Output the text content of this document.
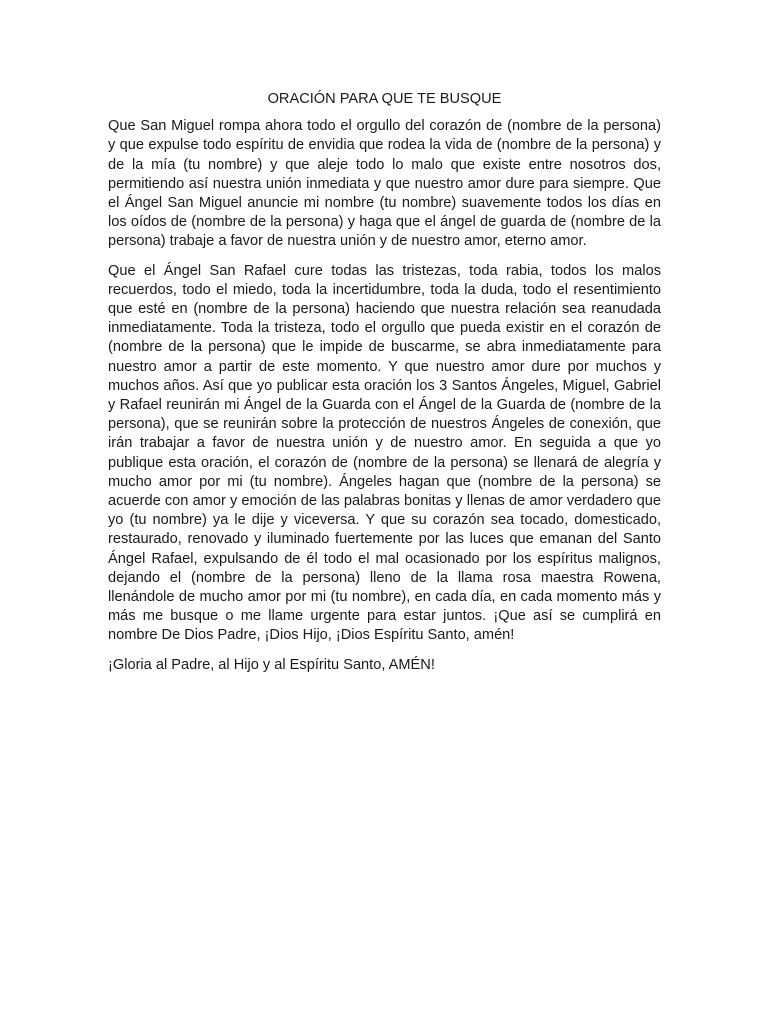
ORACIÓN PARA QUE TE BUSQUE

Que San Miguel rompa ahora todo el orgullo del corazón de (nombre de la persona) y que expulse todo espíritu de envidia que rodea la vida de (nombre de la persona) y de la mía (tu nombre) y que aleje todo lo malo que existe entre nosotros dos, permitiendo así nuestra unión inmediata y que nuestro amor dure para siempre. Que el Ángel San Miguel anuncie mi nombre (tu nombre) suavemente todos los días en los oídos de (nombre de la persona) y haga que el ángel de guarda de (nombre de la persona) trabaje a favor de nuestra unión y de nuestro amor, eterno amor.

Que el Ángel San Rafael cure todas las tristezas, toda rabia, todos los malos recuerdos, todo el miedo, toda la incertidumbre, toda la duda, todo el resentimiento que esté en (nombre de la persona) haciendo que nuestra relación sea reanudada inmediatamente. Toda la tristeza, todo el orgullo que pueda existir en el corazón de (nombre de la persona) que le impide de buscarme, se abra inmediatamente para nuestro amor a partir de este momento. Y que nuestro amor dure por muchos y muchos años. Así que yo publicar esta oración los 3 Santos Ángeles, Miguel, Gabriel y Rafael reunirán mi Ángel de la Guarda con el Ángel de la Guarda de (nombre de la persona), que se reunirán sobre la protección de nuestros Ángeles de conexión, que irán trabajar a favor de nuestra unión y de nuestro amor. En seguida a que yo publique esta oración, el corazón de (nombre de la persona) se llenará de alegría y mucho amor por mi (tu nombre). Ángeles hagan que (nombre de la persona) se acuerde con amor y emoción de las palabras bonitas y llenas de amor verdadero que yo (tu nombre) ya le dije y viceversa. Y que su corazón sea tocado, domesticado, restaurado, renovado y iluminado fuertemente por las luces que emanan del Santo Ángel Rafael, expulsando de él todo el mal ocasionado por los espíritus malignos, dejando el (nombre de la persona) lleno de la llama rosa maestra Rowena, llenándole de mucho amor por mi (tu nombre), en cada día, en cada momento más y más me busque o me llame urgente para estar juntos. ¡Que así se cumplirá en nombre De Dios Padre, ¡Dios Hijo, ¡Dios Espíritu Santo, amén!

¡Gloria al Padre, al Hijo y al Espíritu Santo, AMÉN!
